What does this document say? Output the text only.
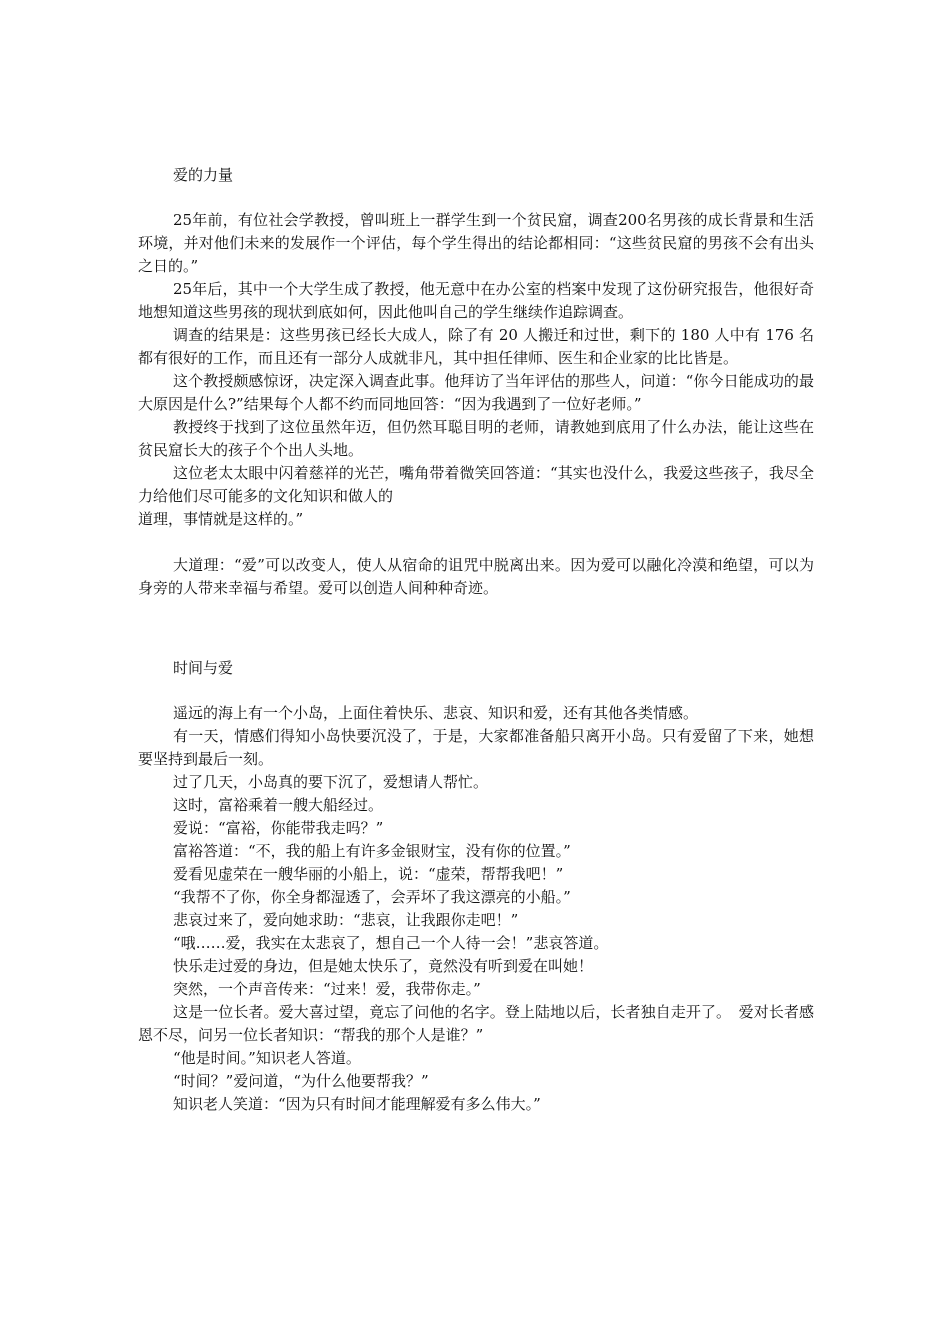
爱的力量

25年前，有位社会学教授，曾叫班上一群学生到一个贫民窟，调查200名男孩的成长背景和生活环境，并对他们未来的发展作一个评估，每个学生得出的结论都相同：“这些贫民窟的男孩不会有出头之日的。”

25年后，其中一个大学生成了教授，他无意中在办公室的档案中发现了这份研究报告，他很好奇地想知道这些男孩的现状到底如何，因此他叫自己的学生继续作追踪调查。

调查的结果是：这些男孩已经长大成人，除了有 20 人搬迁和过世，剩下的 180 人中有 176 名都有很好的工作，而且还有一部分人成就非凡，其中担任律师、医生和企业家的比比皆是。

这个教授颇感惊讶，决定深入调查此事。他拜访了当年评估的那些人，问道：“你今日能成功的最大原因是什么?”结果每个人都不约而同地回答：“因为我遇到了一位好老师。”

教授终于找到了这位虽然年迈，但仍然耳聪目明的老师，请教她到底用了什么办法，能让这些在贫民窟长大的孩子个个出人头地。

这位老太太眼中闪着慈祥的光芒，嘴角带着微笑回答道：“其实也没什么，我爱这些孩子，我尽全力给他们尽可能多的文化知识和做人的

道理，事情就是这样的。”

大道理：“爱”可以改变人，使人从宿命的诅咒中脱离出来。因为爱可以融化冷漠和绝望，可以为身旁的人带来幸福与希望。爱可以创造人间种种奇迹。

时间与爱

遥远的海上有一个小岛，上面住着快乐、悲哀、知识和爱，还有其他各类情感。

有一天，情感们得知小岛快要沉没了，于是，大家都准备船只离开小岛。只有爱留了下来，她想要坚持到最后一刻。

过了几天，小岛真的要下沉了，爱想请人帮忙。

这时，富裕乘着一艘大船经过。

爱说：“富裕，你能带我走吗？”

富裕答道：“不，我的船上有许多金银财宝，没有你的位置。”

爱看见虚荣在一艘华丽的小船上，说：“虚荣，帮帮我吧！”

“我帮不了你，你全身都湿透了，会弄坏了我这漂亮的小船。”

悲哀过来了，爱向她求助：“悲哀，让我跟你走吧！”

“哦……爱，我实在太悲哀了，想自己一个人待一会！”悲哀答道。

快乐走过爱的身边，但是她太快乐了，竟然没有听到爱在叫她！

突然，一个声音传来：“过来！爱，我带你走。”

这是一位长者。爱大喜过望，竟忘了问他的名字。登上陆地以后，长者独自走开了。　爱对长者感恩不尽，问另一位长者知识：“帮我的那个人是谁？”

“他是时间。”知识老人答道。

“时间？”爱问道，“为什么他要帮我？”

知识老人笑道：“因为只有时间才能理解爱有多么伟大。”
